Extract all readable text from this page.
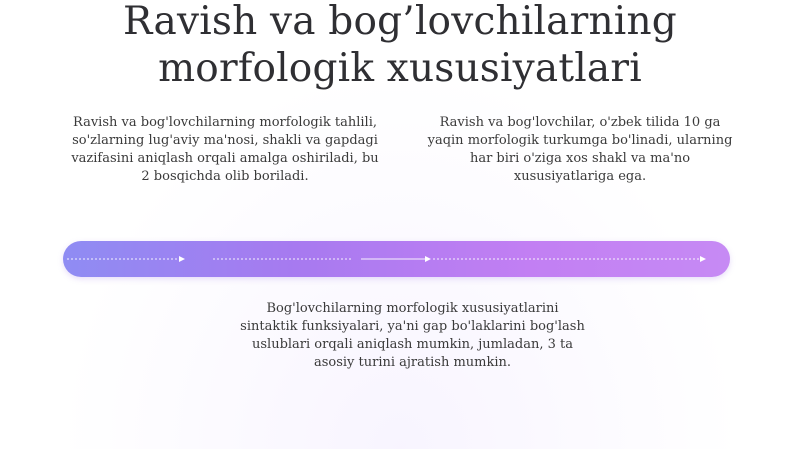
Ravish va bog’lovchilarning morfologik xususiyatlari

Ravish va bog'lovchilarning morfologik tahlili, so'zlarning lug'aviy ma'nosi, shakli va gapdagi vazifasini aniqlash orqali amalga oshiriladi, bu 2 bosqichda olib boriladi.

Ravish va bog'lovchilar, o'zbek tilida 10 ga yaqin morfologik turkumga bo'linadi, ularning har biri o'ziga xos shakl va ma'no xususiyatlariga ega.

Bog'lovchilarning morfologik xususiyatlarini sintaktik funksiyalari, ya'ni gap bo'laklarini bog'lash uslublari orqali aniqlash mumkin, jumladan, 3 ta asosiy turini ajratish mumkin.
